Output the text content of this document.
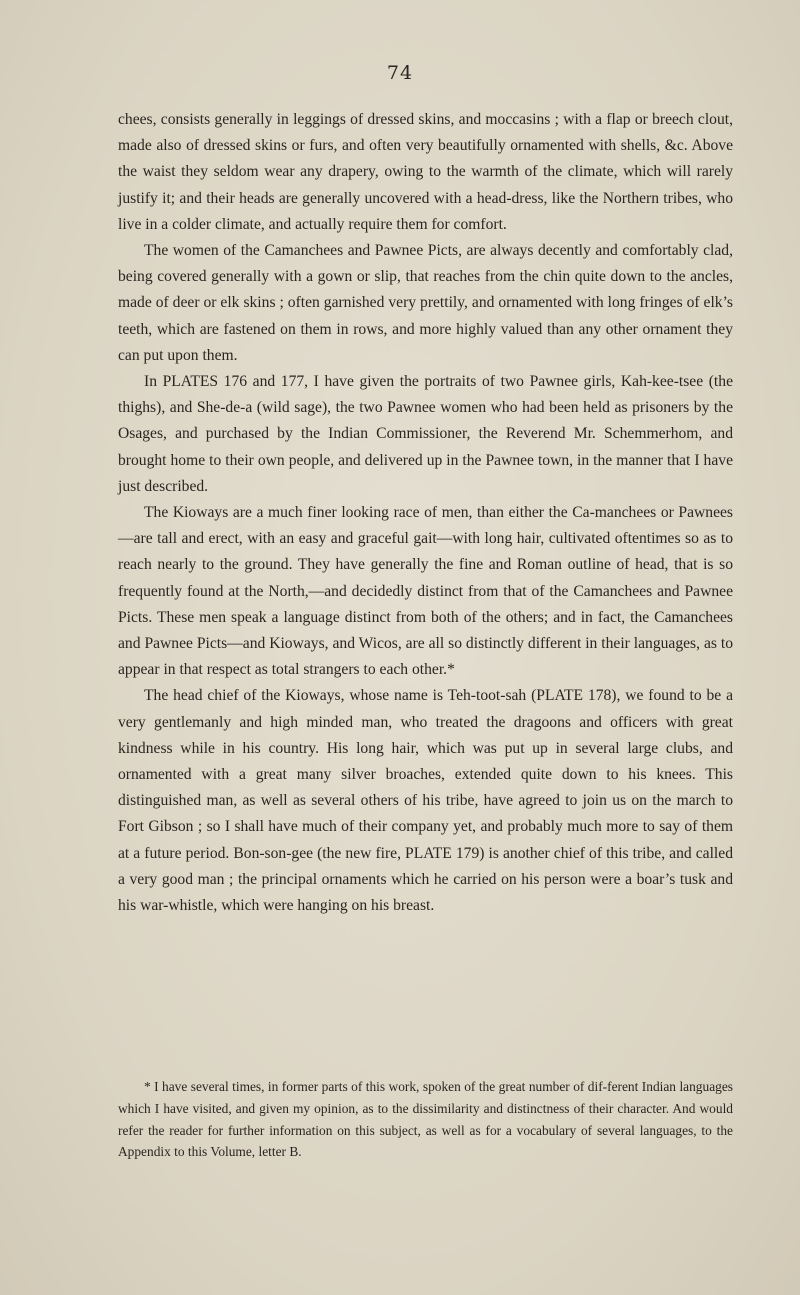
74

chees, consists generally in leggings of dressed skins, and moccasins ; with a flap or breech clout, made also of dressed skins or furs, and often very beautifully ornamented with shells, &c. Above the waist they seldom wear any drapery, owing to the warmth of the climate, which will rarely justify it; and their heads are generally uncovered with a head-dress, like the Northern tribes, who live in a colder climate, and actually require them for comfort.

The women of the Camanchees and Pawnee Picts, are always decently and comfortably clad, being covered generally with a gown or slip, that reaches from the chin quite down to the ancles, made of deer or elk skins ; often garnished very prettily, and ornamented with long fringes of elk’s teeth, which are fastened on them in rows, and more highly valued than any other ornament they can put upon them.

In PLATES 176 and 177, I have given the portraits of two Pawnee girls, Kah-kee-tsee (the thighs), and She-de-a (wild sage), the two Pawnee women who had been held as prisoners by the Osages, and purchased by the Indian Commissioner, the Reverend Mr. Schemmerhom, and brought home to their own people, and delivered up in the Pawnee town, in the manner that I have just described.

The Kioways are a much finer looking race of men, than either the Ca-manchees or Pawnees—are tall and erect, with an easy and graceful gait—with long hair, cultivated oftentimes so as to reach nearly to the ground. They have generally the fine and Roman outline of head, that is so frequently found at the North,—and decidedly distinct from that of the Camanchees and Pawnee Picts. These men speak a language distinct from both of the others; and in fact, the Camanchees and Pawnee Picts—and Kioways, and Wicos, are all so distinctly different in their languages, as to appear in that respect as total strangers to each other.*

The head chief of the Kioways, whose name is Teh-toot-sah (PLATE 178), we found to be a very gentlemanly and high minded man, who treated the dragoons and officers with great kindness while in his country. His long hair, which was put up in several large clubs, and ornamented with a great many silver broaches, extended quite down to his knees. This distinguished man, as well as several others of his tribe, have agreed to join us on the march to Fort Gibson ; so I shall have much of their company yet, and probably much more to say of them at a future period. Bon-son-gee (the new fire, PLATE 179) is another chief of this tribe, and called a very good man ; the principal ornaments which he carried on his person were a boar’s tusk and his war-whistle, which were hanging on his breast.

* I have several times, in former parts of this work, spoken of the great number of dif-ferent Indian languages which I have visited, and given my opinion, as to the dissimilarity and distinctness of their character. And would refer the reader for further information on this subject, as well as for a vocabulary of several languages, to the Appendix to this Volume, letter B.
